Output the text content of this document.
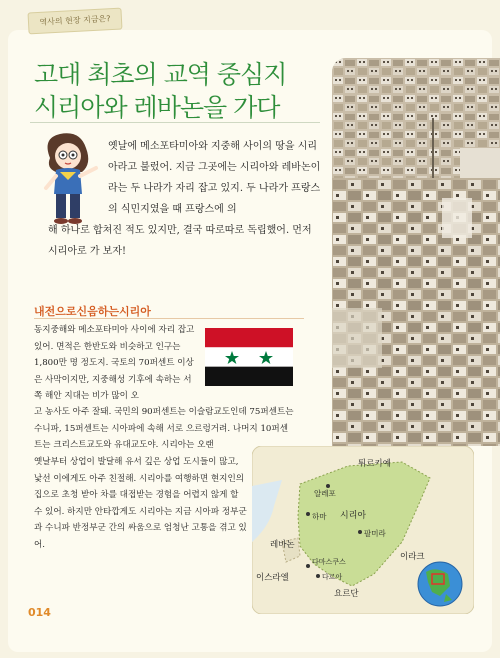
역사의 현장 지금은?
고대 최초의 교역 중심지
시리아와 레바논을 가다
옛날에 메소포타미아와 지중해 사이의 땅을 시리아라고 불렀어. 지금 그곳에는 시리아와 레바논이라는 두 나라가 자리 잡고 있지. 두 나라가 프랑스의 식민지였을 때 프랑스에 의
해 하나로 합쳐진 적도 있지만, 결국 따로따로 독립했어. 먼저 시리아로 가 보자!
내전으로신음하는시리아
동지중해와 메소포타미아 사이에 자리 잡고 있어. 면적은 한반도와 비슷하고 인구는 1,800만 명 정도지. 국토의 70퍼센트 이상은 사막이지만, 지중해성 기후에 속하는 서쪽 해안 지대는 비가 많이 오
고 농사도 아주 잘돼. 국민의 90퍼센트는 이슬람교도인데 75퍼센트는 수니파, 15퍼센트는 시아파에 속해 서로 으르렁거려. 나머지 10퍼센트는 크리스트교도와 유대교도야. 시리아는 오랜
옛날부터 상업이 발달해 유서 깊은 상업 도시들이 많고, 낯선 이에게도 아주 친절해. 시리아를 여행하면 현지인의 집으로 초청 받아 차를 대접받는 경험을 어렵지 않게 할 수 있어. 하지만 안타깝게도 시리아는 지금 시아파 정부군과 수니파 반정부군 간의 싸움으로 엄청난 고통을 겪고 있어.
튀르키예
알레포
하마 시리아
팔미라
레바논
다마스쿠스
다르아
이스라엘
요르단
이라크
014
